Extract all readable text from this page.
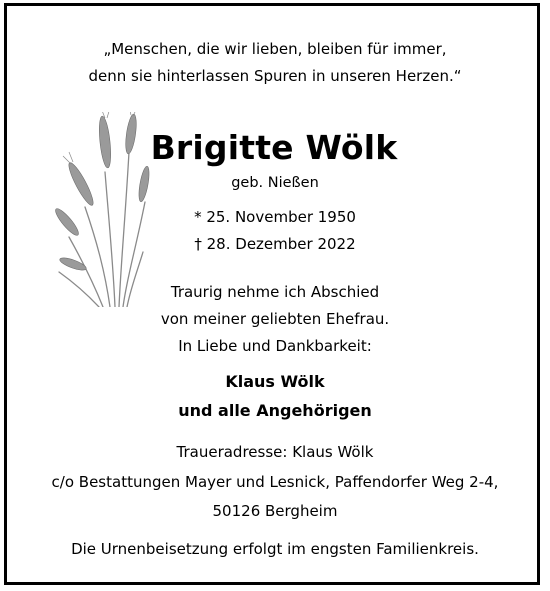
„Menschen, die wir lieben, bleiben für immer,
denn sie hinterlassen Spuren in unseren Herzen.“
Brigitte Wölk
geb. Nießen
* 25. November 1950
† 28. Dezember 2022
Traurig nehme ich Abschied
von meiner geliebten Ehefrau.
In Liebe und Dankbarkeit:
Klaus Wölk
und alle Angehörigen
Traueradresse: Klaus Wölk
c/o Bestattungen Mayer und Lesnick, Paffendorfer Weg 2-4,
50126 Bergheim
Die Urnenbeisetzung erfolgt im engsten Familienkreis.
